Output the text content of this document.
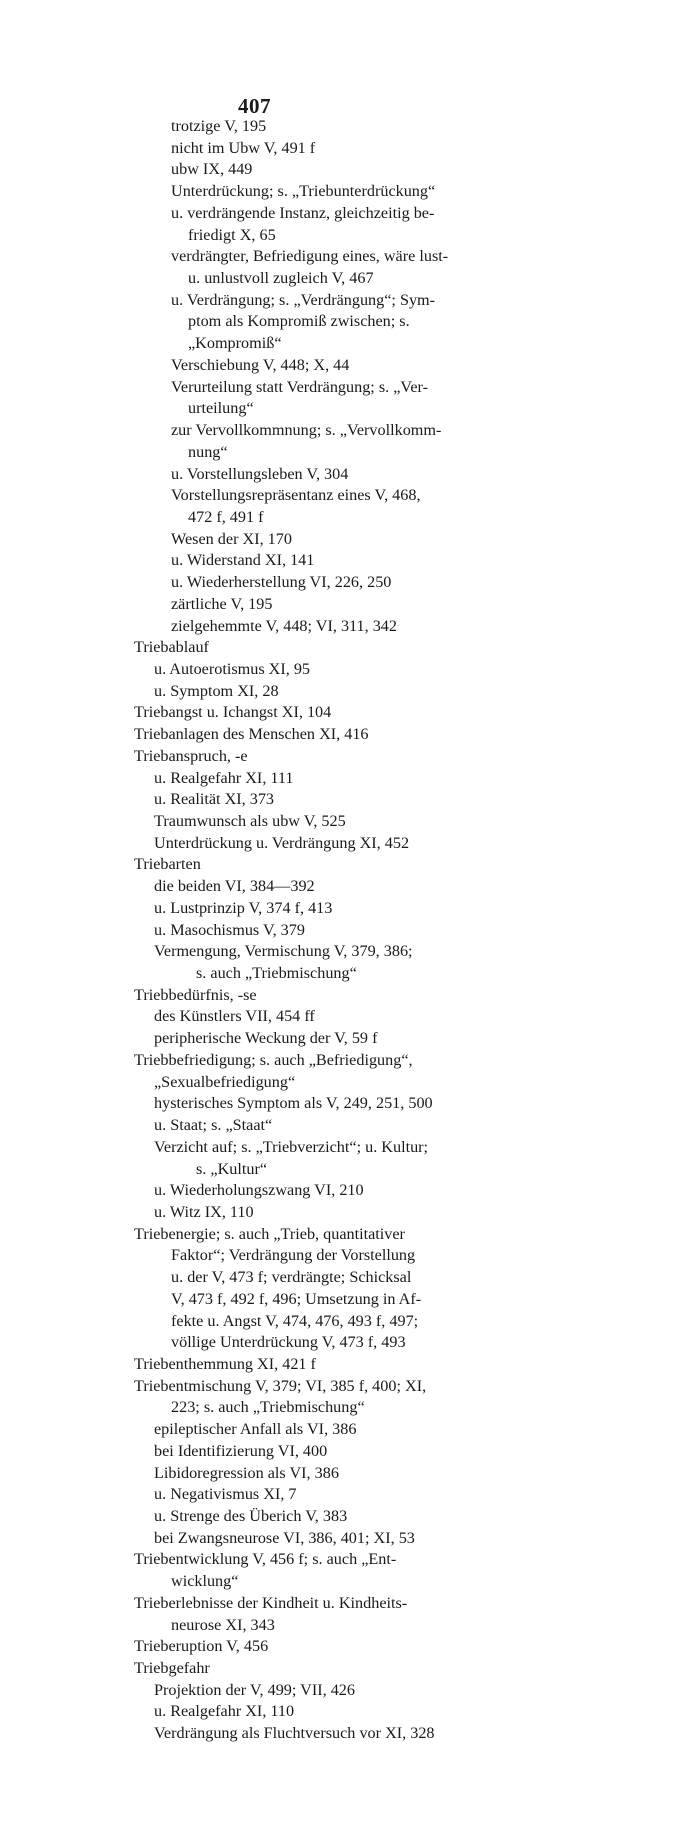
407
trotzige V, 195
nicht im Ubw V, 491 f
ubw IX, 449
Unterdrückung; s. „Triebunterdrückung“
u. verdrängende Instanz, gleichzeitig be-
friedigt X, 65
verdrängter, Befriedigung eines, wäre lust-
u. unlustvoll zugleich V, 467
u. Verdrängung; s. „Verdrängung“; Sym-
ptom als Kompromiß zwischen; s.
„Kompromiß“
Verschiebung V, 448; X, 44
Verurteilung statt Verdrängung; s. „Ver-
urteilung“
zur Vervollkommnung; s. „Vervollkomm-
nung“
u. Vorstellungsleben V, 304
Vorstellungsrepräsentanz eines V, 468,
472 f, 491 f
Wesen der XI, 170
u. Widerstand XI, 141
u. Wiederherstellung VI, 226, 250
zärtliche V, 195
zielgehemmte V, 448; VI, 311, 342
Triebablauf
u. Autoerotismus XI, 95
u. Symptom XI, 28
Triebangst u. Ichangst XI, 104
Triebanlagen des Menschen XI, 416
Triebanspruch, -e
u. Realgefahr XI, 111
u. Realität XI, 373
Traumwunsch als ubw V, 525
Unterdrückung u. Verdrängung XI, 452
Triebarten
die beiden VI, 384—392
u. Lustprinzip V, 374 f, 413
u. Masochismus V, 379
Vermengung, Vermischung V, 379, 386;
s. auch „Triebmischung“
Triebbedürfnis, -se
des Künstlers VII, 454 ff
peripherische Weckung der V, 59 f
Triebbefriedigung; s. auch „Befriedigung“,
„Sexualbefriedigung“
hysterisches Symptom als V, 249, 251, 500
u. Staat; s. „Staat“
Verzicht auf; s. „Triebverzicht“; u. Kultur;
s. „Kultur“
u. Wiederholungszwang VI, 210
u. Witz IX, 110
Triebenergie; s. auch „Trieb, quantitativer
Faktor“; Verdrängung der Vorstellung
u. der V, 473 f; verdrängte; Schicksal
V, 473 f, 492 f, 496; Umsetzung in Af-
fekte u. Angst V, 474, 476, 493 f, 497;
völlige Unterdrückung V, 473 f, 493
Triebenthemmung XI, 421 f
Triebentmischung V, 379; VI, 385 f, 400; XI,
223; s. auch „Triebmischung“
epileptischer Anfall als VI, 386
bei Identifizierung VI, 400
Libidoregression als VI, 386
u. Negativismus XI, 7
u. Strenge des Überich V, 383
bei Zwangsneurose VI, 386, 401; XI, 53
Triebentwicklung V, 456 f; s. auch „Ent-
wicklung“
Trieberlebnisse der Kindheit u. Kindheits-
neurose XI, 343
Trieberuption V, 456
Triebgefahr
Projektion der V, 499; VII, 426
u. Realgefahr XI, 110
Verdrängung als Fluchtversuch vor XI, 328
